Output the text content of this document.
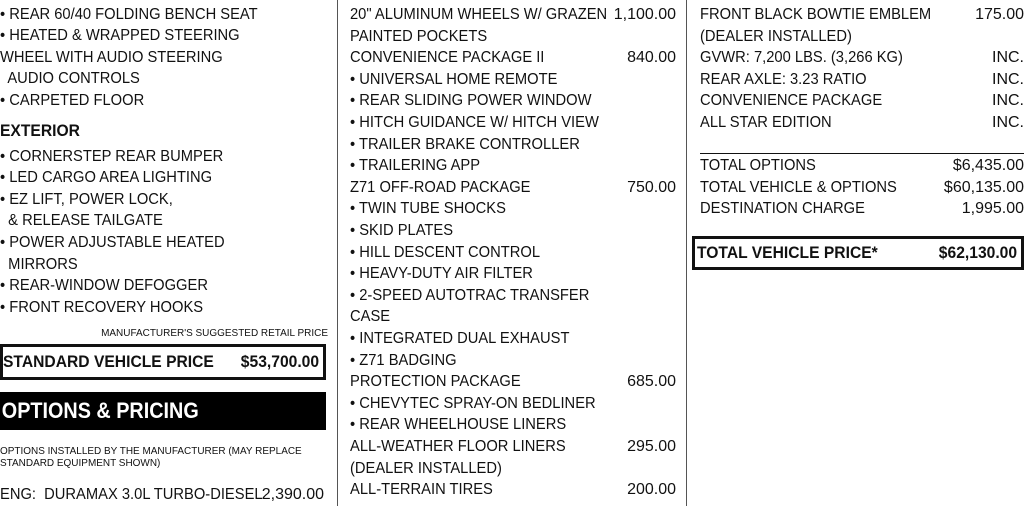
• REAR 60/40 FOLDING BENCH SEAT
• HEATED & WRAPPED STEERING
WHEEL WITH AUDIO STEERING
AUDIO CONTROLS
• CARPETED FLOOR
EXTERIOR
• CORNERSTEP REAR BUMPER
• LED CARGO AREA LIGHTING
• EZ LIFT, POWER LOCK,
& RELEASE TAILGATE
• POWER ADJUSTABLE HEATED
MIRRORS
• REAR-WINDOW DEFOGGER
• FRONT RECOVERY HOOKS
MANUFACTURER'S SUGGESTED RETAIL PRICE
STANDARD VEHICLE PRICE $53,700.00
OPTIONS & PRICING
OPTIONS INSTALLED BY THE MANUFACTURER (MAY REPLACE
STANDARD EQUIPMENT SHOWN)
ENG:  DURAMAX 3.0L TURBO-DIESEL 2,390.00
20" ALUMINUM WHEELS W/ GRAZEN 1,100.00
PAINTED POCKETS
CONVENIENCE PACKAGE II	840.00
• UNIVERSAL HOME REMOTE
• REAR SLIDING POWER WINDOW
• HITCH GUIDANCE W/ HITCH VIEW
• TRAILER BRAKE CONTROLLER
• TRAILERING APP
Z71 OFF-ROAD PACKAGE	750.00
• TWIN TUBE SHOCKS
• SKID PLATES
• HILL DESCENT CONTROL
• HEAVY-DUTY AIR FILTER
• 2-SPEED AUTOTRAC TRANSFER
CASE
• INTEGRATED DUAL EXHAUST
• Z71 BADGING
PROTECTION PACKAGE	685.00
• CHEVYTEC SPRAY-ON BEDLINER
• REAR WHEELHOUSE LINERS
ALL-WEATHER FLOOR LINERS	295.00
(DEALER INSTALLED)
ALL-TERRAIN TIRES	200.00
FRONT BLACK BOWTIE EMBLEM	175.00
(DEALER INSTALLED)
GVWR: 7,200 LBS. (3,266 KG)	INC.
REAR AXLE: 3.23 RATIO	INC.
CONVENIENCE PACKAGE	INC.
ALL STAR EDITION	INC.
TOTAL OPTIONS	$6,435.00
TOTAL VEHICLE & OPTIONS	$60,135.00
DESTINATION CHARGE	1,995.00
TOTAL VEHICLE PRICE*	$62,130.00
